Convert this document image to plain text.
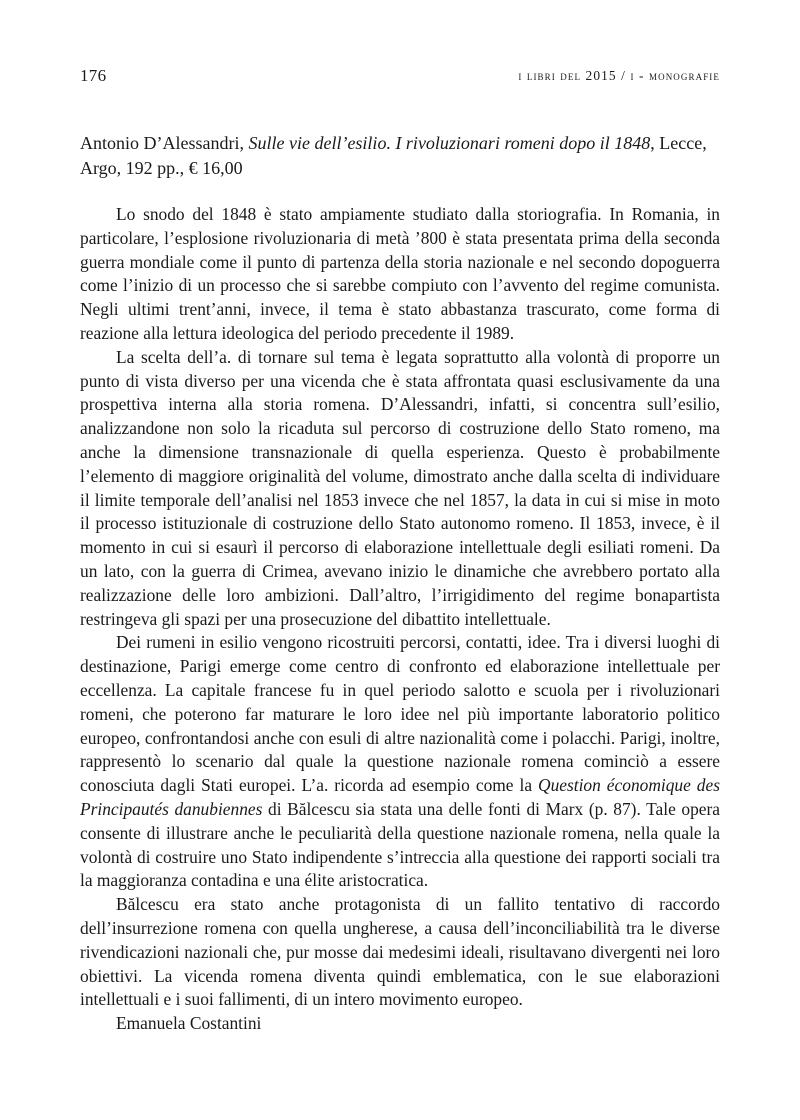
176	i libri del 2015 / i - monografie
Antonio D’Alessandri, Sulle vie dell’esilio. I rivoluzionari romeni dopo il 1848, Lecce, Argo, 192 pp., € 16,00

Lo snodo del 1848 è stato ampiamente studiato dalla storiografia. In Romania, in particolare, l’esplosione rivoluzionaria di metà ’800 è stata presentata prima della seconda guerra mondiale come il punto di partenza della storia nazionale e nel secondo dopoguerra come l’inizio di un processo che si sarebbe compiuto con l’avvento del regime comunista. Negli ultimi trent’anni, invece, il tema è stato abbastanza trascurato, come forma di reazione alla lettura ideologica del periodo precedente il 1989.

La scelta dell’a. di tornare sul tema è legata soprattutto alla volontà di proporre un punto di vista diverso per una vicenda che è stata affrontata quasi esclusivamente da una prospettiva interna alla storia romena. D’Alessandri, infatti, si concentra sull’esilio, analizzandone non solo la ricaduta sul percorso di costruzione dello Stato romeno, ma anche la dimensione transnazionale di quella esperienza. Questo è probabilmente l’elemento di maggiore originalità del volume, dimostrato anche dalla scelta di individuare il limite temporale dell’analisi nel 1853 invece che nel 1857, la data in cui si mise in moto il processo istituzionale di costruzione dello Stato autonomo romeno. Il 1853, invece, è il momento in cui si esaurì il percorso di elaborazione intellettuale degli esiliati romeni. Da un lato, con la guerra di Crimea, avevano inizio le dinamiche che avrebbero portato alla realizzazione delle loro ambizioni. Dall’altro, l’irrigidimento del regime bonapartista restringeva gli spazi per una prosecuzione del dibattito intellettuale.

Dei rumeni in esilio vengono ricostruiti percorsi, contatti, idee. Tra i diversi luoghi di destinazione, Parigi emerge come centro di confronto ed elaborazione intellettuale per eccellenza. La capitale francese fu in quel periodo salotto e scuola per i rivoluzionari romeni, che poterono far maturare le loro idee nel più importante laboratorio politico europeo, confrontandosi anche con esuli di altre nazionalità come i polacchi. Parigi, inoltre, rappresentò lo scenario dal quale la questione nazionale romena cominciò a essere conosciuta dagli Stati europei. L’a. ricorda ad esempio come la Question économique des Principautés danubiennes di Bălcescu sia stata una delle fonti di Marx (p. 87). Tale opera consente di illustrare anche le peculiarità della questione nazionale romena, nella quale la volontà di costruire uno Stato indipendente s’intreccia alla questione dei rapporti sociali tra la maggioranza contadina e una élite aristocratica.

Bălcescu era stato anche protagonista di un fallito tentativo di raccordo dell’insurrezione romena con quella ungherese, a causa dell’inconciliabilità tra le diverse rivendicazioni nazionali che, pur mosse dai medesimi ideali, risultavano divergenti nei loro obiettivi. La vicenda romena diventa quindi emblematica, con le sue elaborazioni intellettuali e i suoi fallimenti, di un intero movimento europeo.

Emanuela Costantini
